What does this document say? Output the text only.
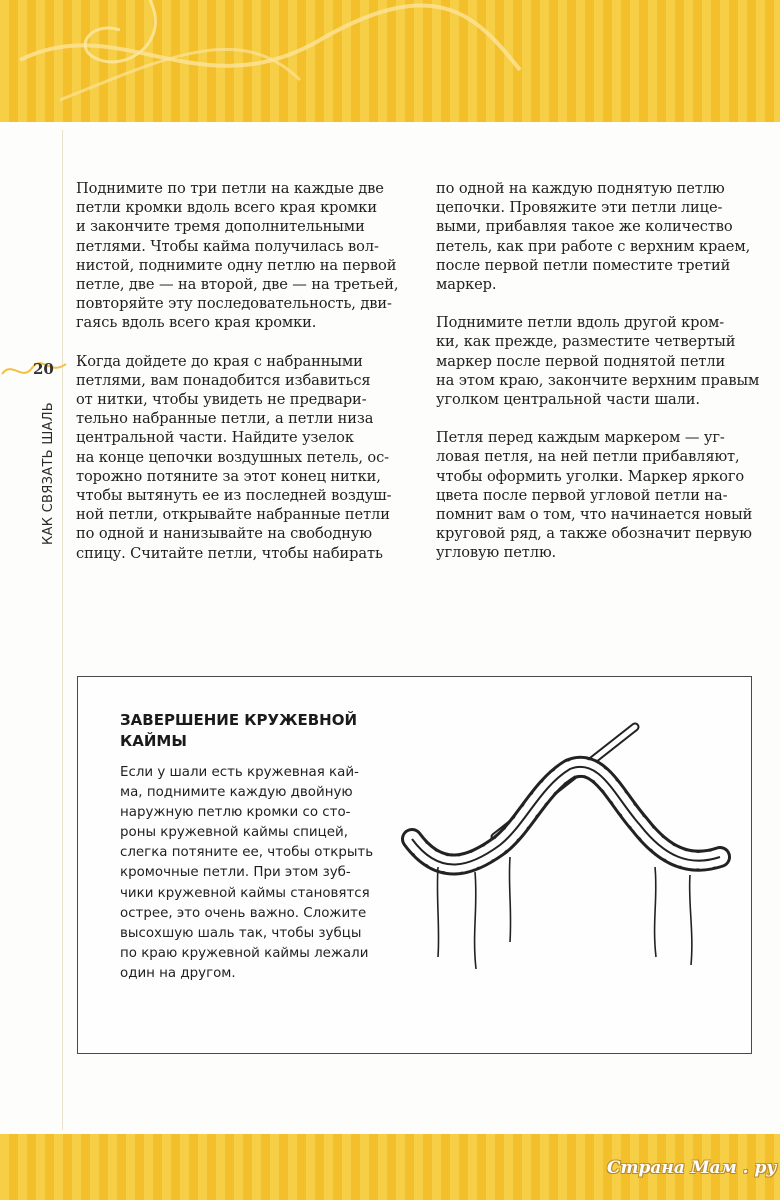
20
КАК СВЯЗАТЬ ШАЛЬ

Поднимите по три петли на каждые две
петли кромки вдоль всего края кромки
и закончите тремя дополнительными
петлями. Чтобы кайма получилась вол-
нистой, поднимите одну петлю на первой
петле, две — на второй, две — на третьей,
повторяйте эту последовательность, дви-
гаясь вдоль всего края кромки.

Когда дойдете до края с набранными
петлями, вам понадобится избавиться
от нитки, чтобы увидеть не предвари-
тельно набранные петли, а петли низа
центральной части. Найдите узелок
на конце цепочки воздушных петель, ос-
торожно потяните за этот конец нитки,
чтобы вытянуть ее из последней воздуш-
ной петли, открывайте набранные петли
по одной и нанизывайте на свободную
спицу. Считайте петли, чтобы набирать

по одной на каждую поднятую петлю
цепочки. Провяжите эти петли лице-
выми, прибавляя такое же количество
петель, как при работе с верхним краем,
после первой петли поместите третий
маркер.

Поднимите петли вдоль другой кром-
ки, как прежде, разместите четвертый
маркер после первой поднятой петли
на этом краю, закончите верхним правым
уголком центральной части шали.

Петля перед каждым маркером — уг-
ловая петля, на ней петли прибавляют,
чтобы оформить уголки. Маркер яркого
цвета после первой угловой петли на-
помнит вам о том, что начинается новый
круговой ряд, а также обозначит первую
угловую петлю.

ЗАВЕРШЕНИЕ КРУЖЕВНОЙ
КАЙМЫ
Если у шали есть кружевная кай-
ма, поднимите каждую двойную
наружную петлю кромки со сто-
роны кружевной каймы спицей,
слегка потяните ее, чтобы открыть
кромочные петли. При этом зуб-
чики кружевной каймы становятся
острее, это очень важно. Сложите
высохшую шаль так, чтобы зубцы
по краю кружевной каймы лежали
один на другом.
Страна Мам . ру
